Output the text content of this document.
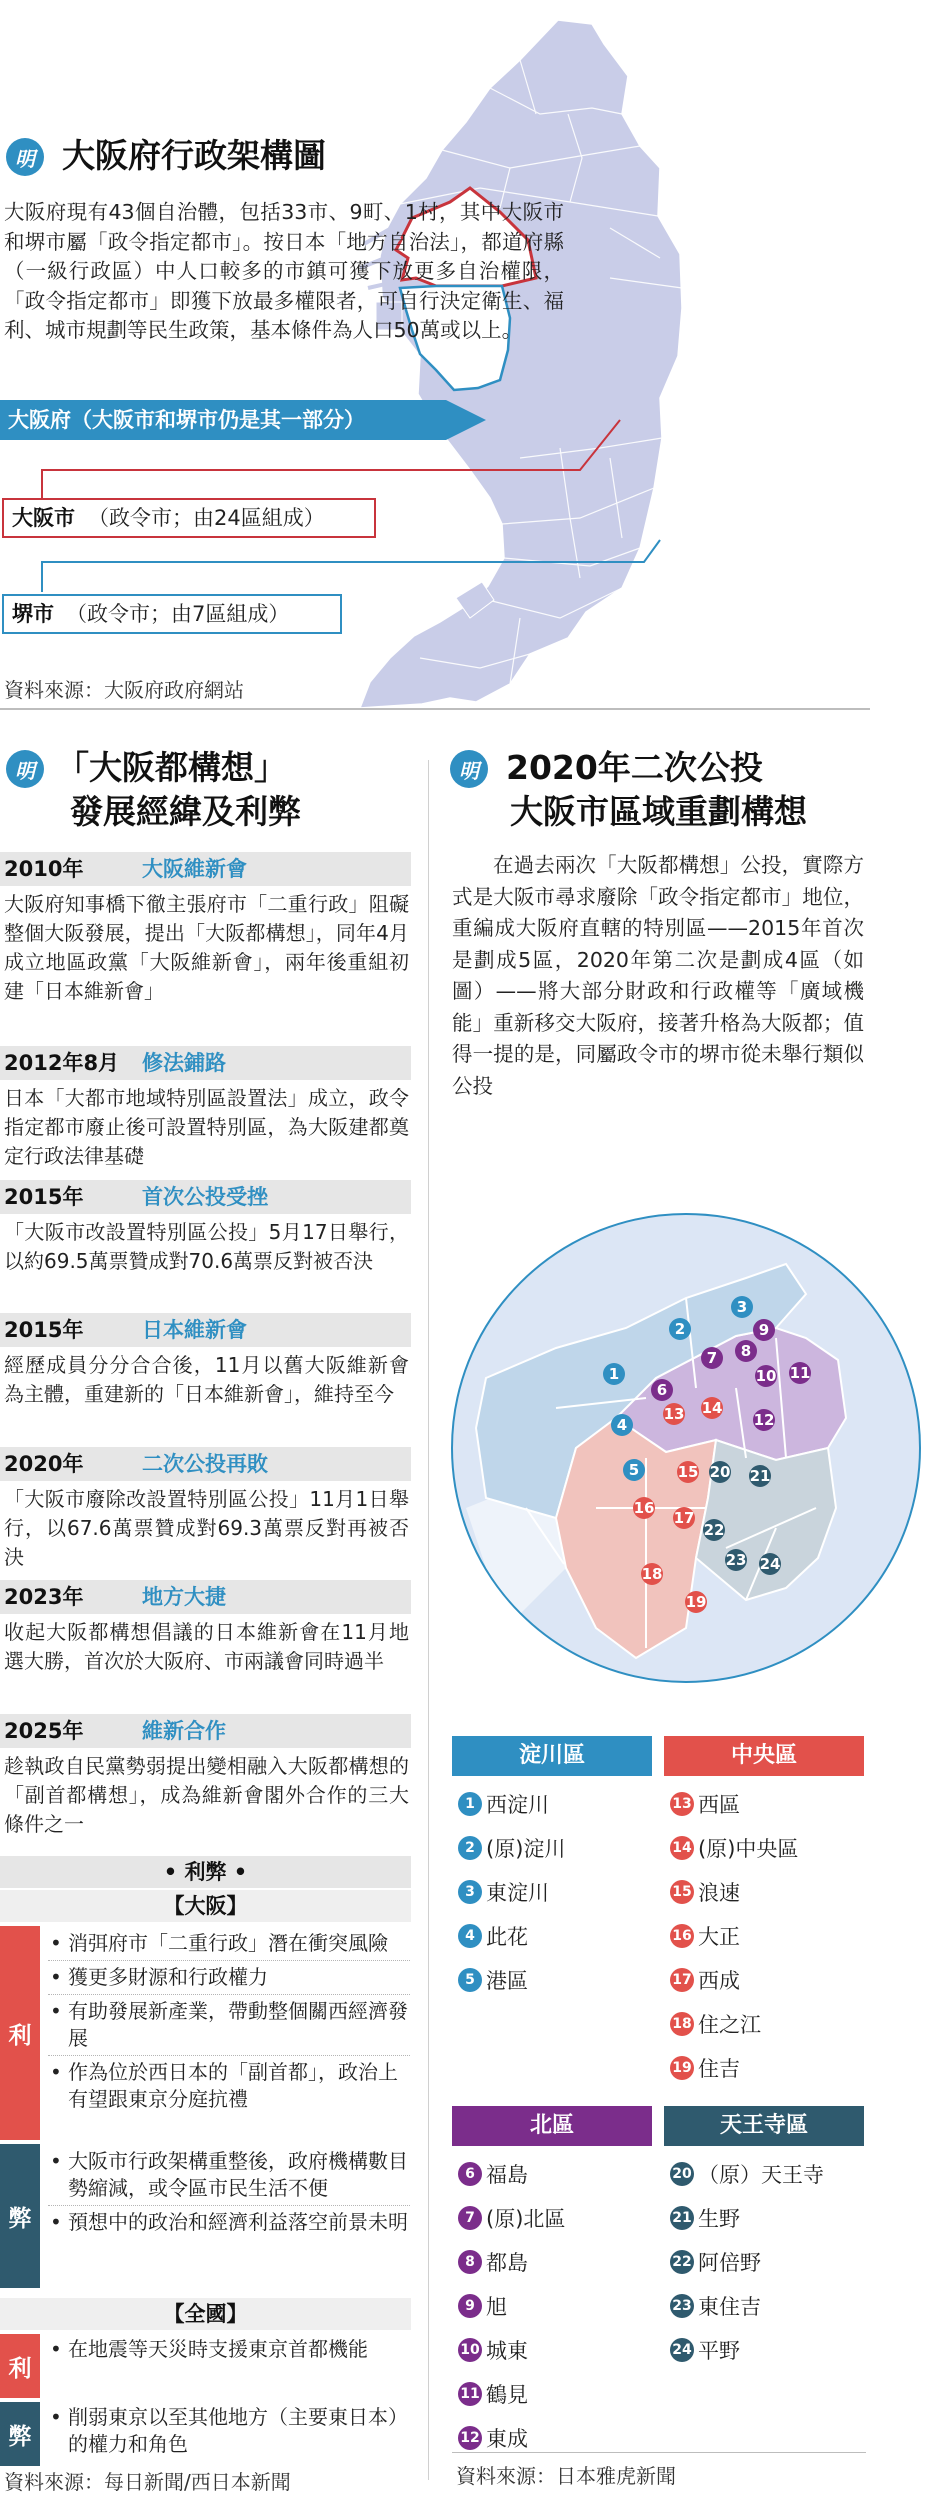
明 大阪府行政架構圖
大阪府現有43個自治體，包括33市、9町、1村，其中大阪市和堺市屬「政令指定都市」。按日本「地方自治法」，都道府縣（一級行政區）中人口較多的市鎮可獲下放更多自治權限，「政令指定都市」即獲下放最多權限者，可自行決定衛生、福利、城市規劃等民生政策，基本條件為人口50萬或以上。
大阪府（大阪市和堺市仍是其一部分）
大阪市 （政令市；由24區組成）
堺市 （政令市；由7區組成）
資料來源：大阪府政府網站
明 「大阪都構想」
發展經緯及利弊
2010年	大阪維新會
大阪府知事橋下徹主張府市「二重行政」阻礙整個大阪發展，提出「大阪都構想」，同年4月成立地區政黨「大阪維新會」，兩年後重組初建「日本維新會」
2012年8月 修法鋪路
日本「大都市地域特別區設置法」成立，政令指定都市廢止後可設置特別區，為大阪建都奠定行政法律基礎
2015年	首次公投受挫
「大阪市改設置特別區公投」5月17日舉行，以約69.5萬票贊成對70.6萬票反對被否決
2015年	日本維新會
經歷成員分分合合後，11月以舊大阪維新會為主體，重建新的「日本維新會」，維持至今
2020年	二次公投再敗
「大阪市廢除改設置特別區公投」11月1日舉行，以67.6萬票贊成對69.3萬票反對再被否決
2023年	地方大捷
收起大阪都構想倡議的日本維新會在11月地選大勝，首次於大阪府、市兩議會同時過半
2025年	維新合作
趁執政自民黨勢弱提出變相融入大阪都構想的「副首都構想」，成為維新會閣外合作的三大條件之一
• 利弊 •
【大阪】
利
• 消弭府市「二重行政」潛在衝突風險
• 獲更多財源和行政權力
• 有助發展新產業，帶動整個關西經濟發展
• 作為位於西日本的「副首都」，政治上有望跟東京分庭抗禮
弊
• 大阪市行政架構重整後，政府機構數目勢縮減，或令區市民生活不便
• 預想中的政治和經濟利益落空前景未明
【全國】
利
• 在地震等天災時支援東京首都機能
弊
• 削弱東京以至其他地方（主要東日本）的權力和角色
資料來源：每日新聞/西日本新聞
明 2020年二次公投
大阪市區域重劃構想
在過去兩次「大阪都構想」公投，實際方式是大阪市尋求廢除「政令指定都市」地位，重編成大阪府直轄的特別區——2015年首次是劃成5區，2020年第二次是劃成4區（如圖）——將大部分財政和行政權等「廣域機能」重新移交大阪府，接著升格為大阪都；值得一提的是，同屬政令市的堺市從未舉行類似公投
3
2
1
4
5
6
7 8
9
10 11
12
13 14
15
16
17
18
19
20 21
22
23 24
淀川區
1 西淀川
2 (原)淀川
3 東淀川
4 此花
5 港區
中央區
13 西區
14 (原)中央區
15 浪速
16 大正
17 西成
18 住之江
19 住吉
北區
6 福島
7 (原)北區
8 都島
9 旭
10 城東
11 鶴見
12 東成
天王寺區
20 （原）天王寺
21 生野
22 阿倍野
23 東住吉
24 平野
資料來源：日本雅虎新聞
